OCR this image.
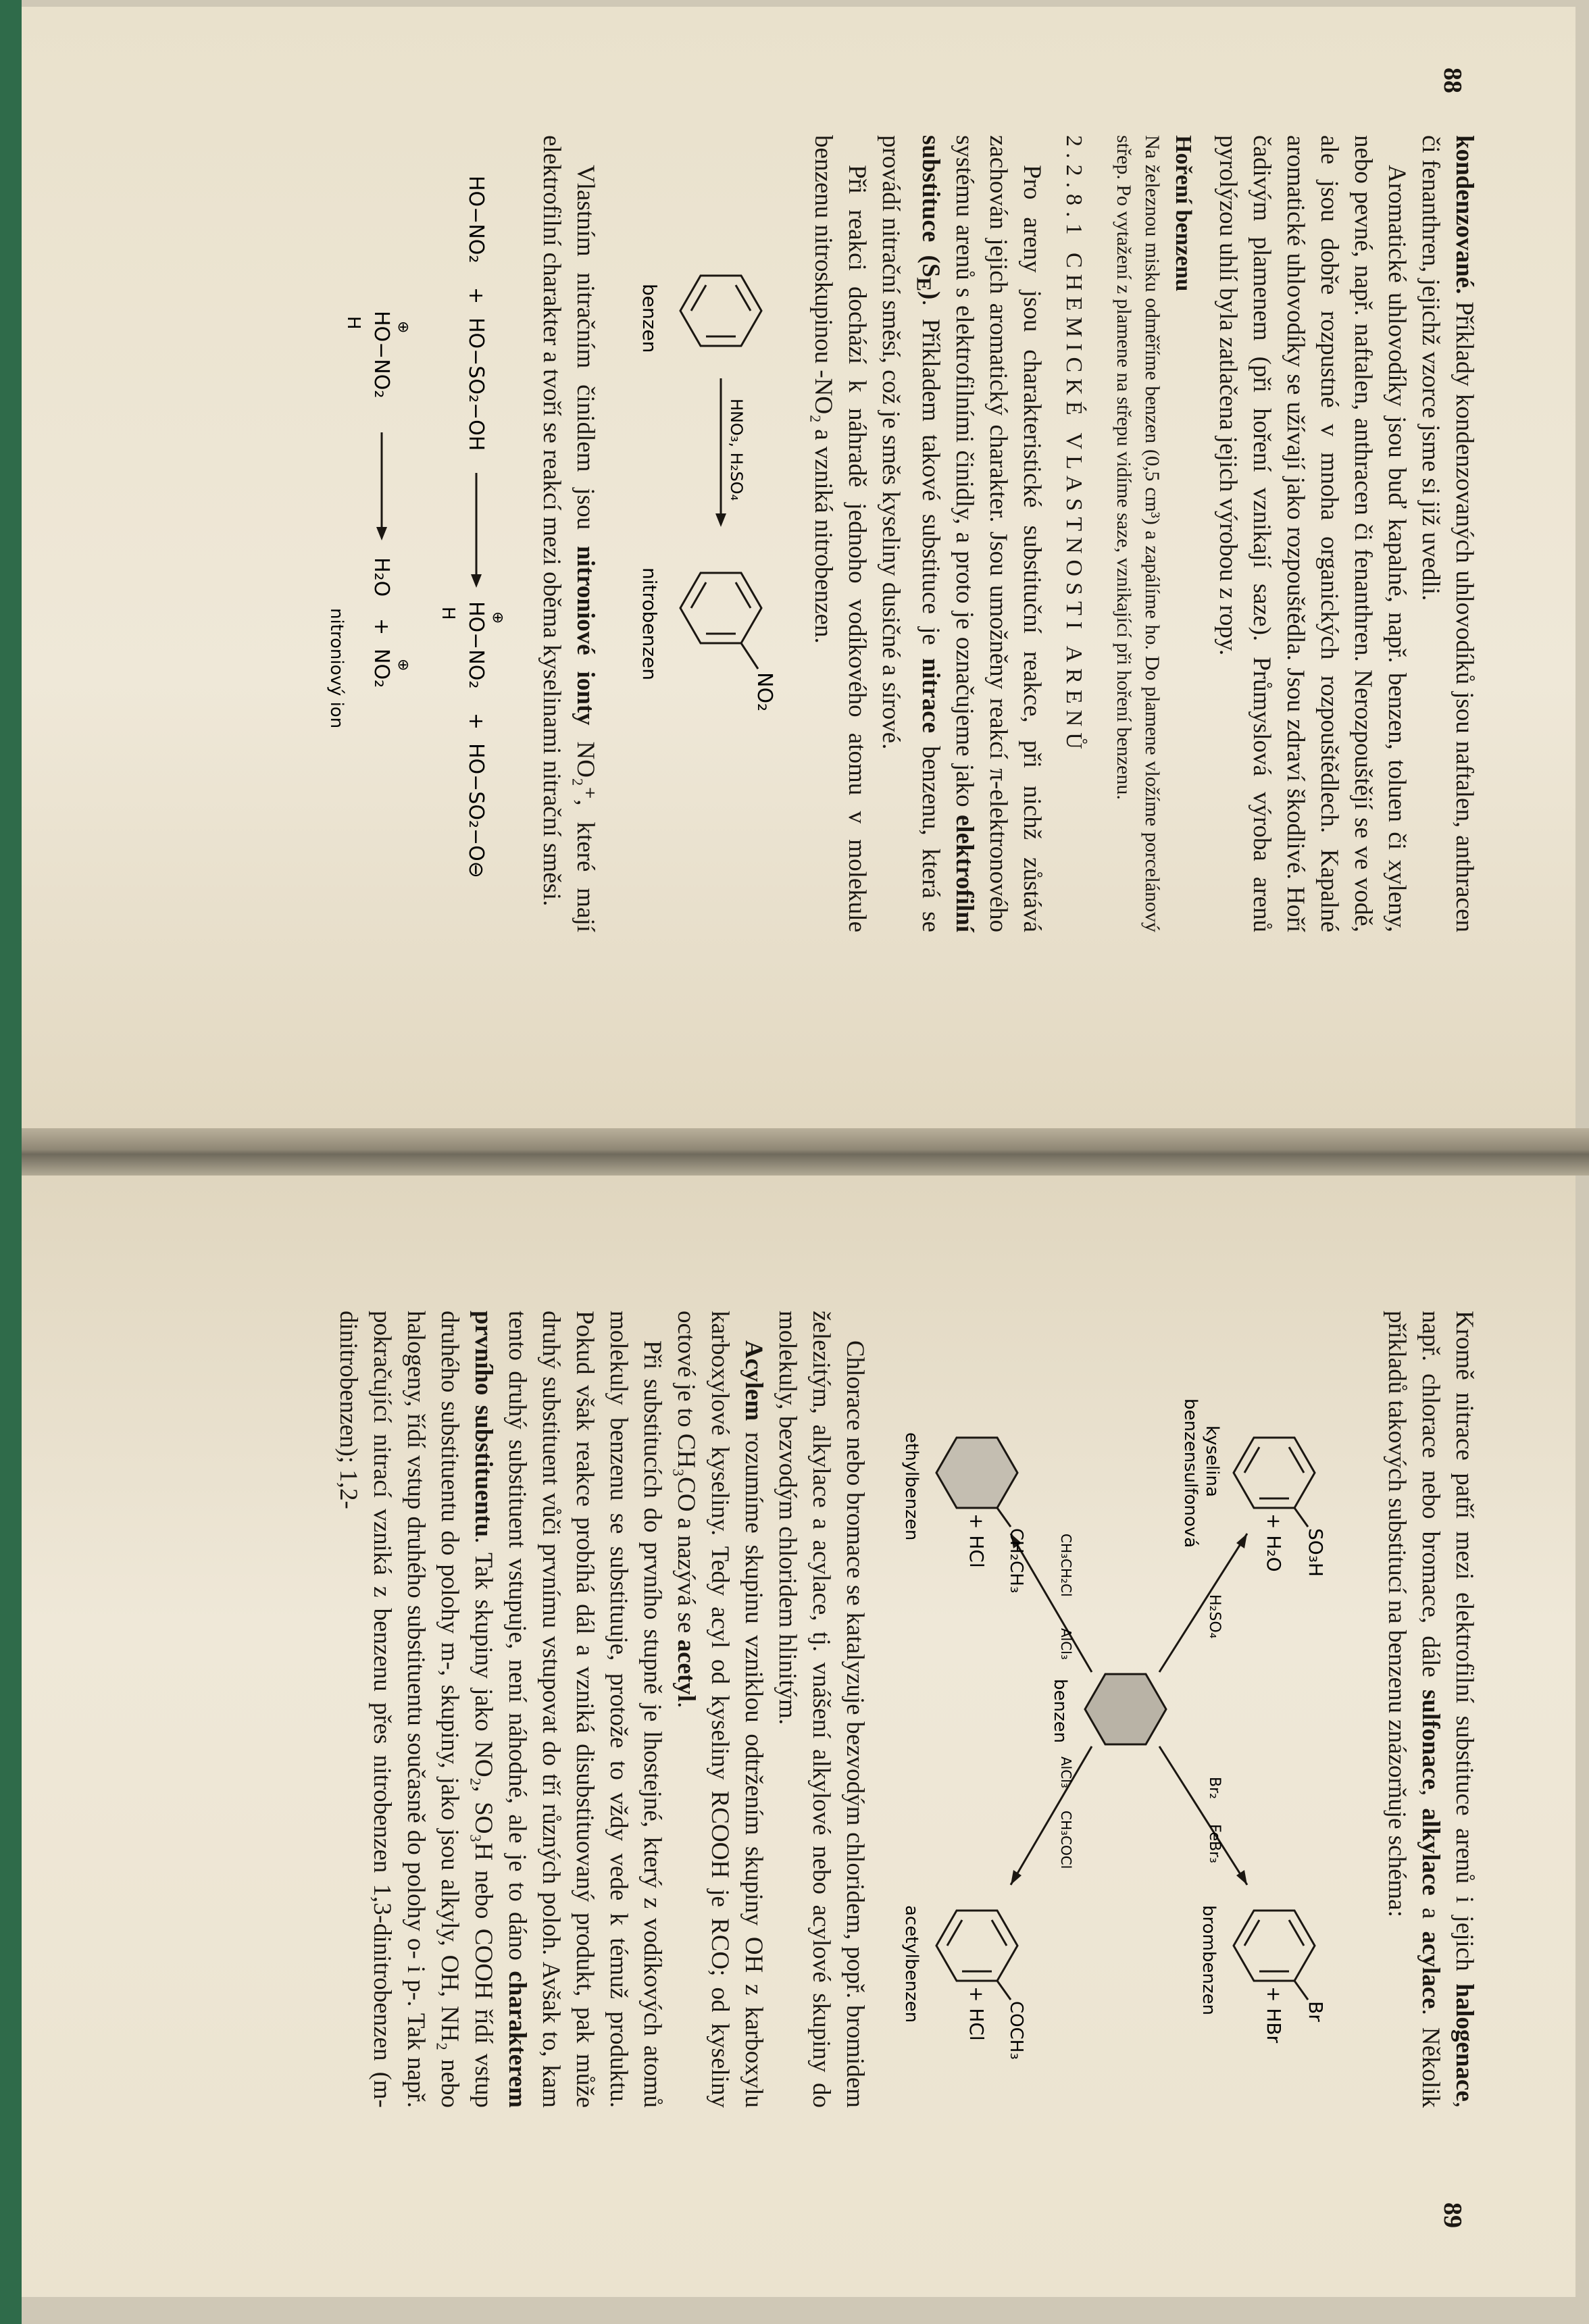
88

kondenzované. Příklady kondenzovaných uhlovodíků jsou naftalen, anthracen či fenanthren, jejichž vzorce jsme si již uvedli.

Aromatické uhlovodíky jsou buď kapalné, např. benzen, toluen či xyleny, nebo pevné, např. naftalen, anthracen či fenanthren. Nerozpouštějí se ve vodě, ale jsou dobře rozpustné v mnoha organických rozpouštědlech. Kapalné aromatické uhlovodíky se užívají jako rozpouštědla. Jsou zdraví škodlivé. Hoří čadivým plamenem (při hoření vznikají saze). Průmyslová výroba arenů pyrolýzou uhlí byla zatlačena jejich výrobou z ropy.

Hoření benzenu

Na železnou misku odměříme benzen (0,5 cm³) a zapálíme ho. Do plamene vložíme porcelánový střep. Po vytažení z plamene na střepu vidíme saze, vznikající při hoření benzenu.

2.2.8.1 CHEMICKÉ VLASTNOSTI ARENŮ

Pro areny jsou charakteristické substituční reakce, při nichž zůstává zachován jejich aromatický charakter. Jsou umožněny reakcí π-elektronového systému arenů s elektrofilními činidly, a proto je označujeme jako elektrofilní substituce $(S_E)$. Příkladem takové substituce je nitrace benzenu, která se provádí nitrační směsí, což je směs kyseliny dusičné a sírové.

Při reakci dochází k náhradě jednoho vodíkového atomu v molekule benzenu nitroskupinou -NO₂ a vzniká nitrobenzen.

benzen
HNO₃, H₂SO₄
NO₂
nitrobenzen

Vlastním nitračním činidlem jsou nitroniové ionty NO₂⁺, které mají elektrofilní charakter a tvoří se reakcí mezi oběma kyselinami nitrační směsi.

HO−NO₂
+
HO−SO₂−OH
⊕
HO−NO₂
H
+
HO−SO₂−O⊖
⊕
HO−NO₂
H
H₂O
+
⊕
NO₂
nitroniový ion
89

Kromě nitrace patří mezi elektrofilní substituce arenů i jejich halogenace, např. chlorace nebo bromace, dále sulfonace, alkylace a acylace. Několik příkladů takových substitucí na benzenu znázorňuje schéma:

benzen
H₂SO₄
SO₃H
+ H₂O
kyselina
benzensulfonová
Br₂
FeBr₃
Br
+ HBr
brombenzen
CH₃CH₂Cl
AlCl₃
CH₂CH₃
+ HCl
ethylbenzen
AlCl₃
CH₃COCl
COCH₃
+ HCl
acetylbenzen

Chlorace nebo bromace se katalyzuje bezvodým chloridem, popř. bromidem železitým, alkylace a acylace, tj. vnášení alkylové nebo acylové skupiny do molekuly, bezvodým chloridem hlinitým.

Acylem rozumíme skupinu vzniklou odtržením skupiny OH z karboxylu karboxylové kyseliny. Tedy acyl od kyseliny RCOOH je RCO; od kyseliny octové je to CH₃CO a nazývá se acetyl.

Při substitucích do prvního stupně je lhostejné, který z vodíkových atomů molekuly benzenu se substituuje, protože to vždy vede k témuž produktu. Pokud však reakce probíhá dál a vzniká disubstituovaný produkt, pak může druhý substituent vůči prvnímu vstupovat do tří různých poloh. Avšak to, kam tento druhý substituent vstupuje, není náhodné, ale je to dáno charakterem prvního substituentu. Tak skupiny jako NO₂, SO₃H nebo COOH řídí vstup druhého substituentu do polohy m-, skupiny, jako jsou alkyly, OH, NH₂ nebo halogeny, řídí vstup druhého substituentu současně do polohy o- i p-. Tak např. pokračující nitrací vzniká z benzenu přes nitrobenzen 1,3-dinitrobenzen (m-dinitrobenzen); 1,2-
